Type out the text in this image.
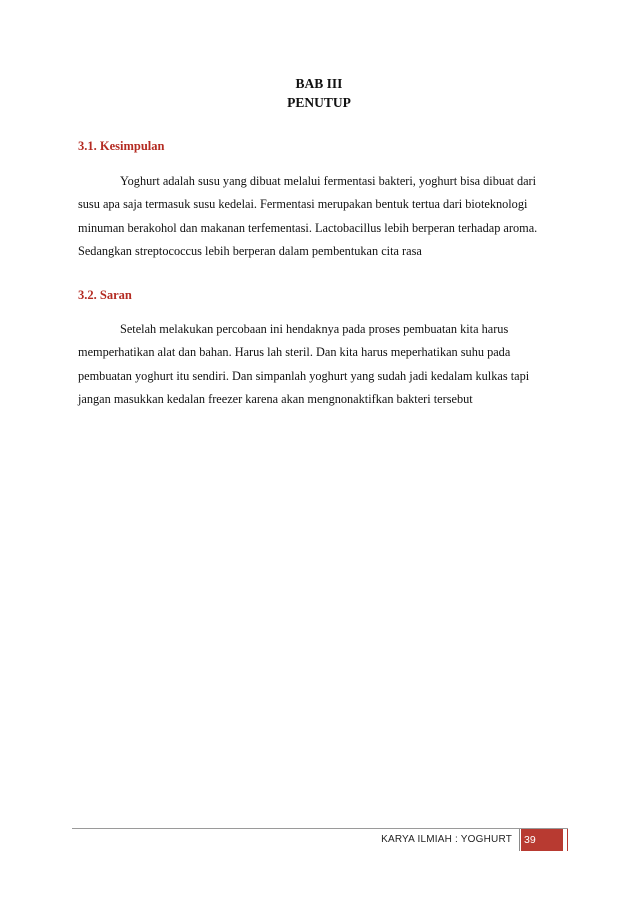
BAB III
PENUTUP
3.1. Kesimpulan
Yoghurt adalah susu yang dibuat melalui fermentasi bakteri, yoghurt bisa dibuat dari
susu apa saja termasuk susu kedelai. Fermentasi merupakan bentuk tertua dari bioteknologi
minuman berakohol dan makanan terfementasi. Lactobacillus lebih berperan terhadap aroma.
Sedangkan streptococcus lebih berperan dalam pembentukan cita rasa
3.2. Saran
Setelah melakukan percobaan ini hendaknya pada proses pembuatan kita harus
memperhatikan alat dan bahan. Harus lah steril. Dan kita harus meperhatikan suhu pada
pembuatan yoghurt itu sendiri. Dan simpanlah yoghurt yang sudah jadi kedalam kulkas tapi
jangan masukkan kedalan freezer karena akan mengnonaktifkan bakteri tersebut
KARYA ILMIAH : YOGHURT 39
